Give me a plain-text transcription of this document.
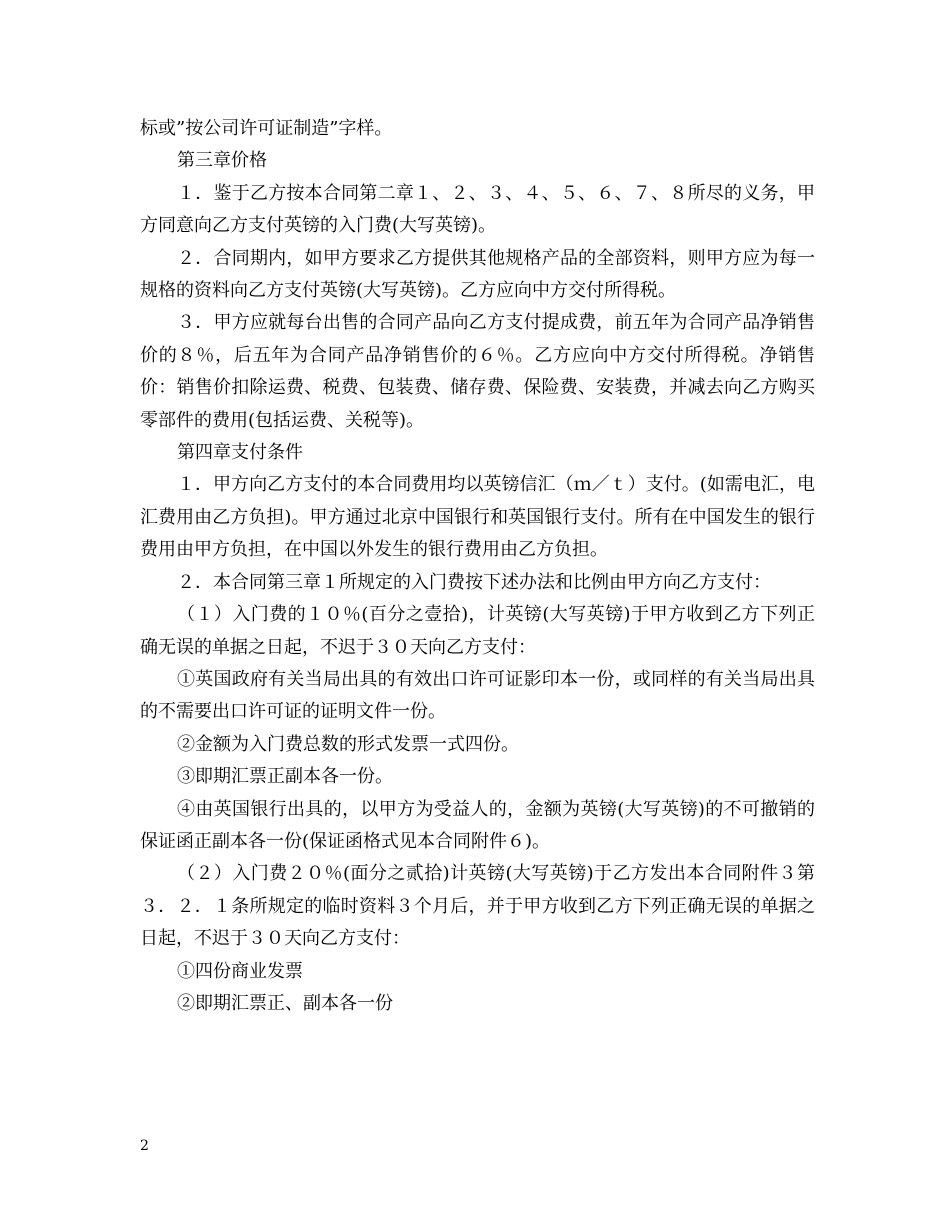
标或”按公司许可证制造”字样。

第三章价格

１．鉴于乙方按本合同第二章１、２、３、４、５、６、７、８所尽的义务，甲方同意向乙方支付英镑的入门费(大写英镑)。

２．合同期内，如甲方要求乙方提供其他规格产品的全部资料，则甲方应为每一规格的资料向乙方支付英镑(大写英镑)。乙方应向中方交付所得税。

３．甲方应就每台出售的合同产品向乙方支付提成费，前五年为合同产品净销售价的８％，后五年为合同产品净销售价的６％。乙方应向中方交付所得税。净销售价：销售价扣除运费、税费、包装费、储存费、保险费、安装费，并减去向乙方购买零部件的费用(包括运费、关税等)。

第四章支付条件

１．甲方向乙方支付的本合同费用均以英镑信汇（ｍ／ｔ）支付。(如需电汇，电汇费用由乙方负担)。甲方通过北京中国银行和英国银行支付。所有在中国发生的银行费用由甲方负担，在中国以外发生的银行费用由乙方负担。

２．本合同第三章１所规定的入门费按下述办法和比例由甲方向乙方支付：

（１）入门费的１０％(百分之壹拾)，计英镑(大写英镑)于甲方收到乙方下列正确无误的单据之日起，不迟于３０天向乙方支付：

①英国政府有关当局出具的有效出口许可证影印本一份，或同样的有关当局出具的不需要出口许可证的证明文件一份。

②金额为入门费总数的形式发票一式四份。

③即期汇票正副本各一份。

④由英国银行出具的，以甲方为受益人的，金额为英镑(大写英镑)的不可撤销的保证函正副本各一份(保证函格式见本合同附件６)。

（２）入门费２０％(面分之贰拾)计英镑(大写英镑)于乙方发出本合同附件３第３．２．１条所规定的临时资料３个月后，并于甲方收到乙方下列正确无误的单据之日起，不迟于３０天向乙方支付：

①四份商业发票

②即期汇票正、副本各一份

2
